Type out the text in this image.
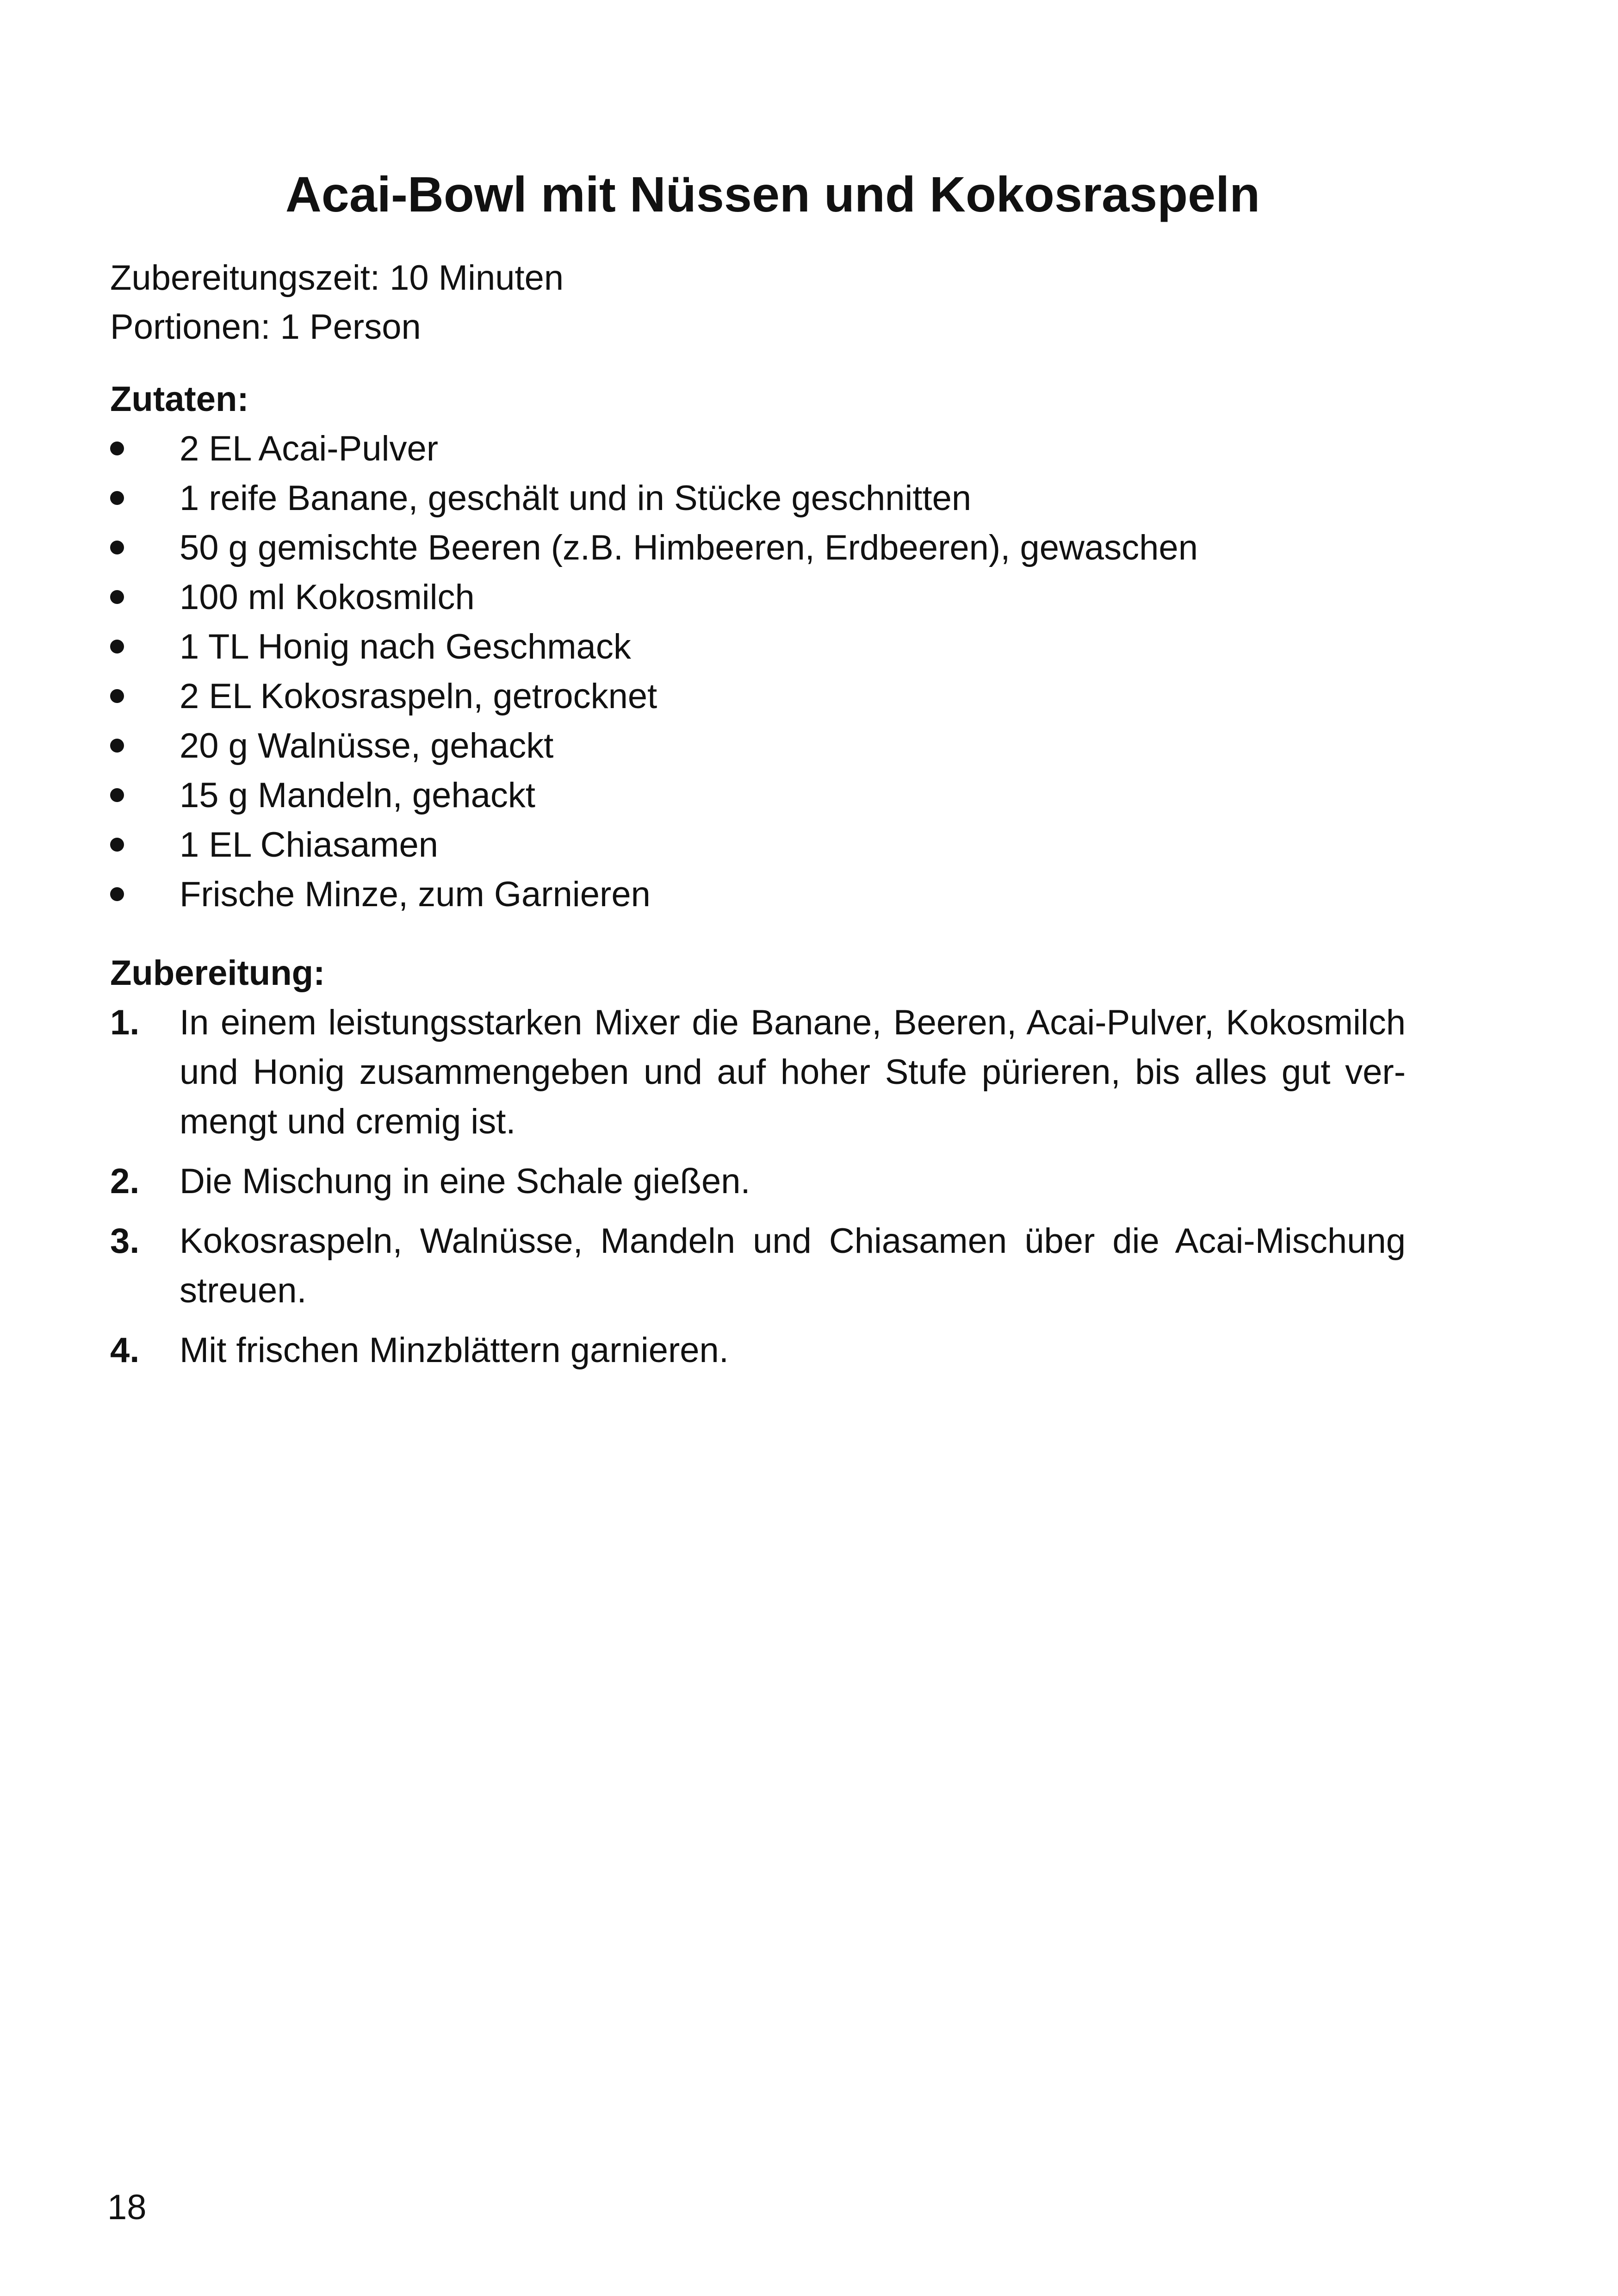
Acai-Bowl mit Nüssen und Kokosraspeln
Zubereitungszeit: 10 Minuten
Portionen: 1 Person
Zutaten:
2 EL Acai-Pulver
1 reife Banane, geschält und in Stücke geschnitten
50 g gemischte Beeren (z.B. Himbeeren, Erdbeeren), gewaschen
100 ml Kokosmilch
1 TL Honig nach Geschmack
2 EL Kokosraspeln, getrocknet
20 g Walnüsse, gehackt
15 g Mandeln, gehackt
1 EL Chiasamen
Frische Minze, zum Garnieren
Zubereitung:
1. In einem leistungsstarken Mixer die Banane, Beeren, Acai-Pulver, Kokosmilch und Honig zusammengeben und auf hoher Stufe pürieren, bis alles gut vermengt und cremig ist.
2. Die Mischung in eine Schale gießen.
3. Kokosraspeln, Walnüsse, Mandeln und Chiasamen über die Acai-Mischung streuen.
4. Mit frischen Minzblättern garnieren.
18
